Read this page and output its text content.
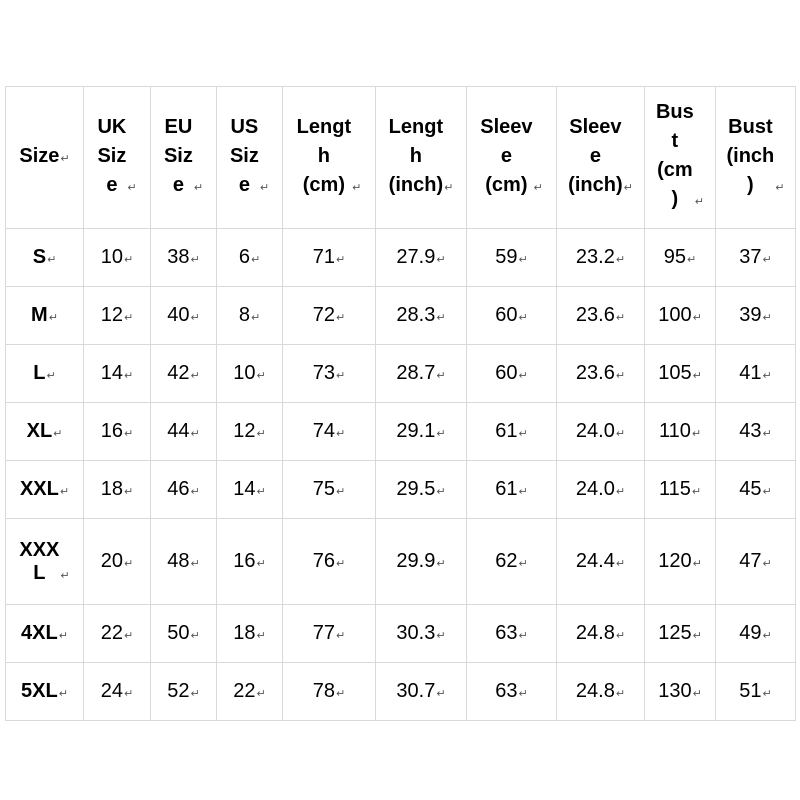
Size↵	UK
Siz
e ↵	EU
Siz
e ↵	US
Siz
e ↵	Lengt
h
(cm) ↵	Lengt
h
(inch)↵	Sleev
e
(cm) ↵	Sleev
e
(inch)↵	Bus
t
(cm
) ↵	Bust
(inch
) ↵
S↵	10↵	38↵	6↵	71↵	27.9↵	59↵	23.2↵	95↵	37↵
M↵	12↵	40↵	8↵	72↵	28.3↵	60↵	23.6↵	100↵	39↵
L↵	14↵	42↵	10↵	73↵	28.7↵	60↵	23.6↵	105↵	41↵
XL↵	16↵	44↵	12↵	74↵	29.1↵	61↵	24.0↵	110↵	43↵
XXL↵	18↵	46↵	14↵	75↵	29.5↵	61↵	24.0↵	115↵	45↵
XXX
L ↵	20↵	48↵	16↵	76↵	29.9↵	62↵	24.4↵	120↵	47↵
4XL↵	22↵	50↵	18↵	77↵	30.3↵	63↵	24.8↵	125↵	49↵
5XL↵	24↵	52↵	22↵	78↵	30.7↵	63↵	24.8↵	130↵	51↵
